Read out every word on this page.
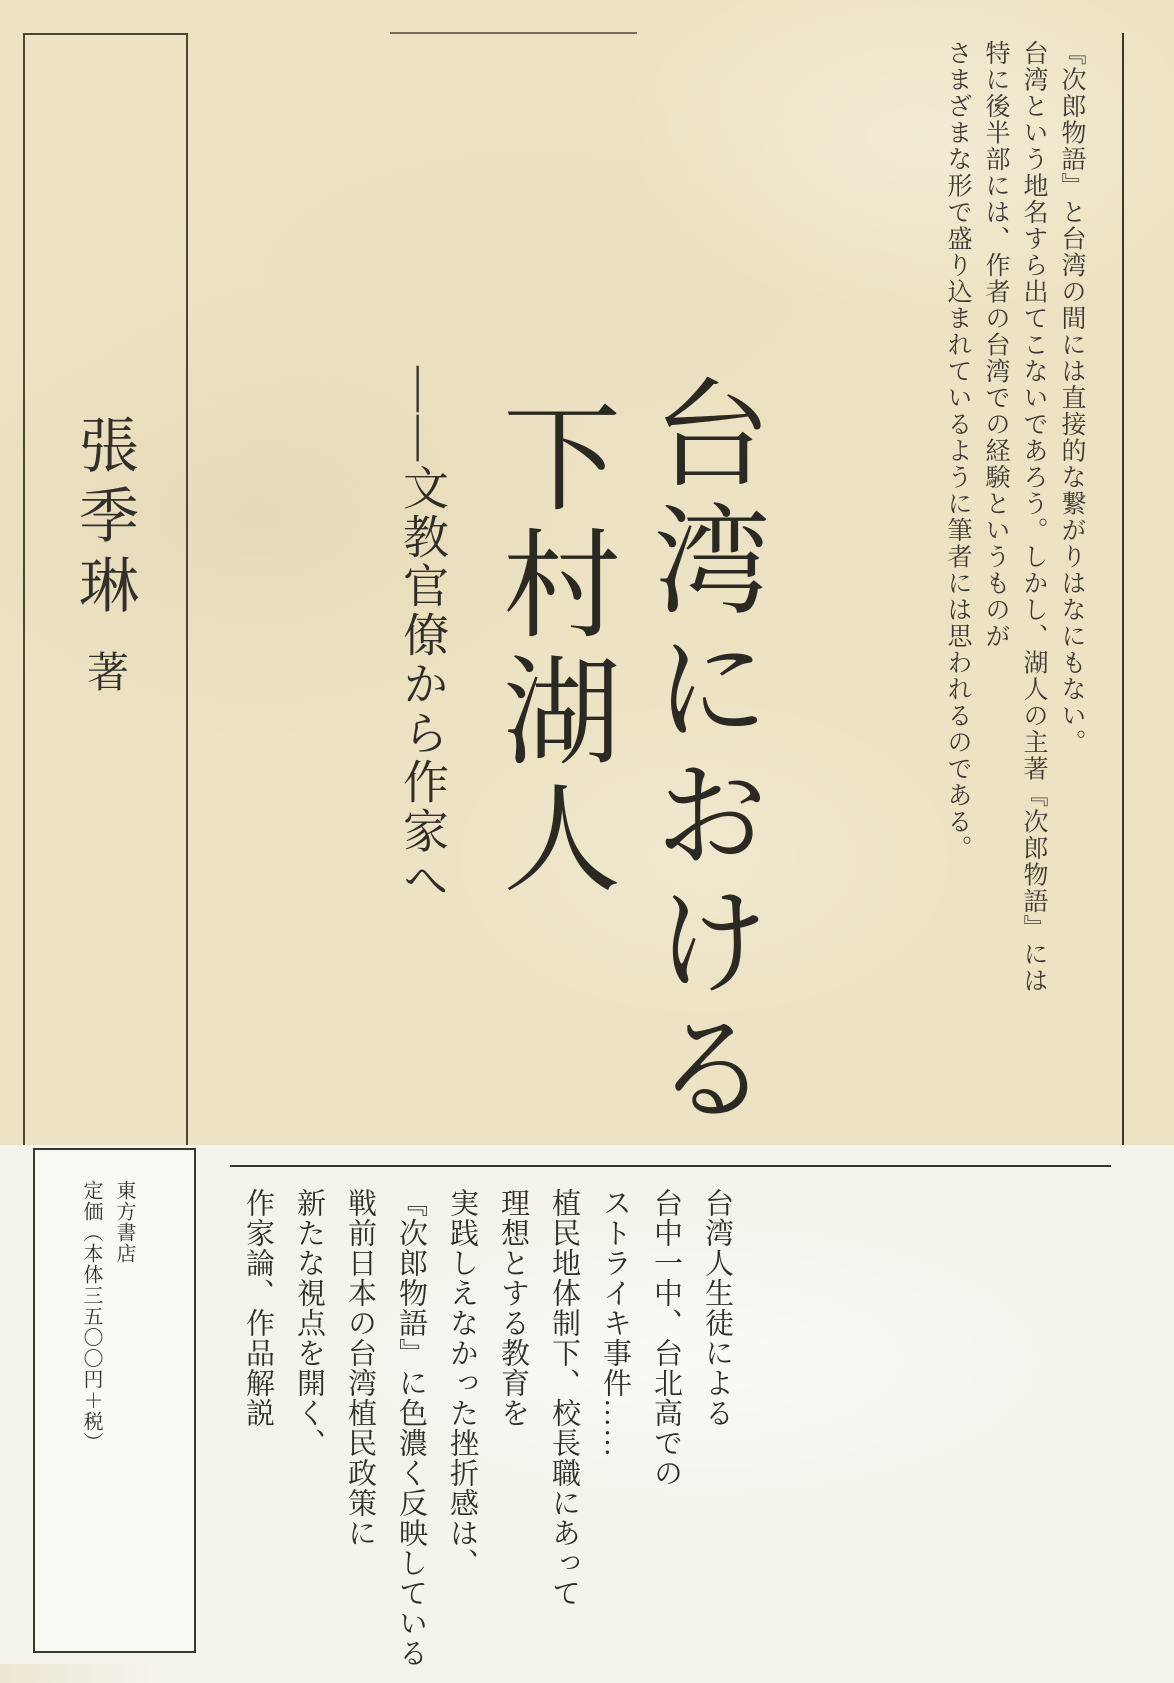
張季琳著	『次郎物語』と台湾の間には直接的な繋がりはなにもない。
台湾という地名すら出てこないであろう。しかし、湖人の主著『次郎物語』には
特に後半部には、作者の台湾での経験というものが
さまざまな形で盛り込まれているように筆者には思われるのである。
台湾における
下村湖人
――文教官僚から作家へ
東方書店
定価（本体三五〇〇円＋税）	台湾人生徒による
台中一中、台北高での
ストライキ事件……
植民地体制下、校長職にあって
理想とする教育を
実践しえなかった挫折感は、
『次郎物語』に色濃く反映している
戦前日本の台湾植民政策に
新たな視点を開く、
作家論、作品解説
